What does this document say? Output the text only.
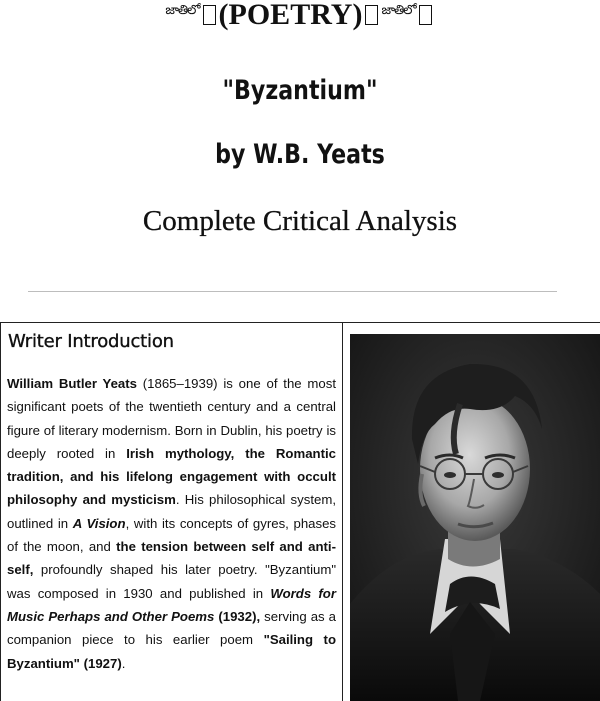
$^{జాతిలో}$ (POETRY) $^{జాతిలో}$
"Byzantium"
by W.B. Yeats
Complete Critical Analysis
Writer Introduction
William Butler Yeats (1865–1939) is one of the most significant poets of the twentieth century and a central figure of literary modernism. Born in Dublin, his poetry is deeply rooted in Irish mythology, the Romantic tradition, and his lifelong engagement with occult philosophy and mysticism. His philosophical system, outlined in A Vision, with its concepts of gyres, phases of the moon, and the tension between self and anti-self, profoundly shaped his later poetry. "Byzantium" was composed in 1930 and published in Words for Music Perhaps and Other Poems (1932), serving as a companion piece to his earlier poem "Sailing to Byzantium" (1927).
